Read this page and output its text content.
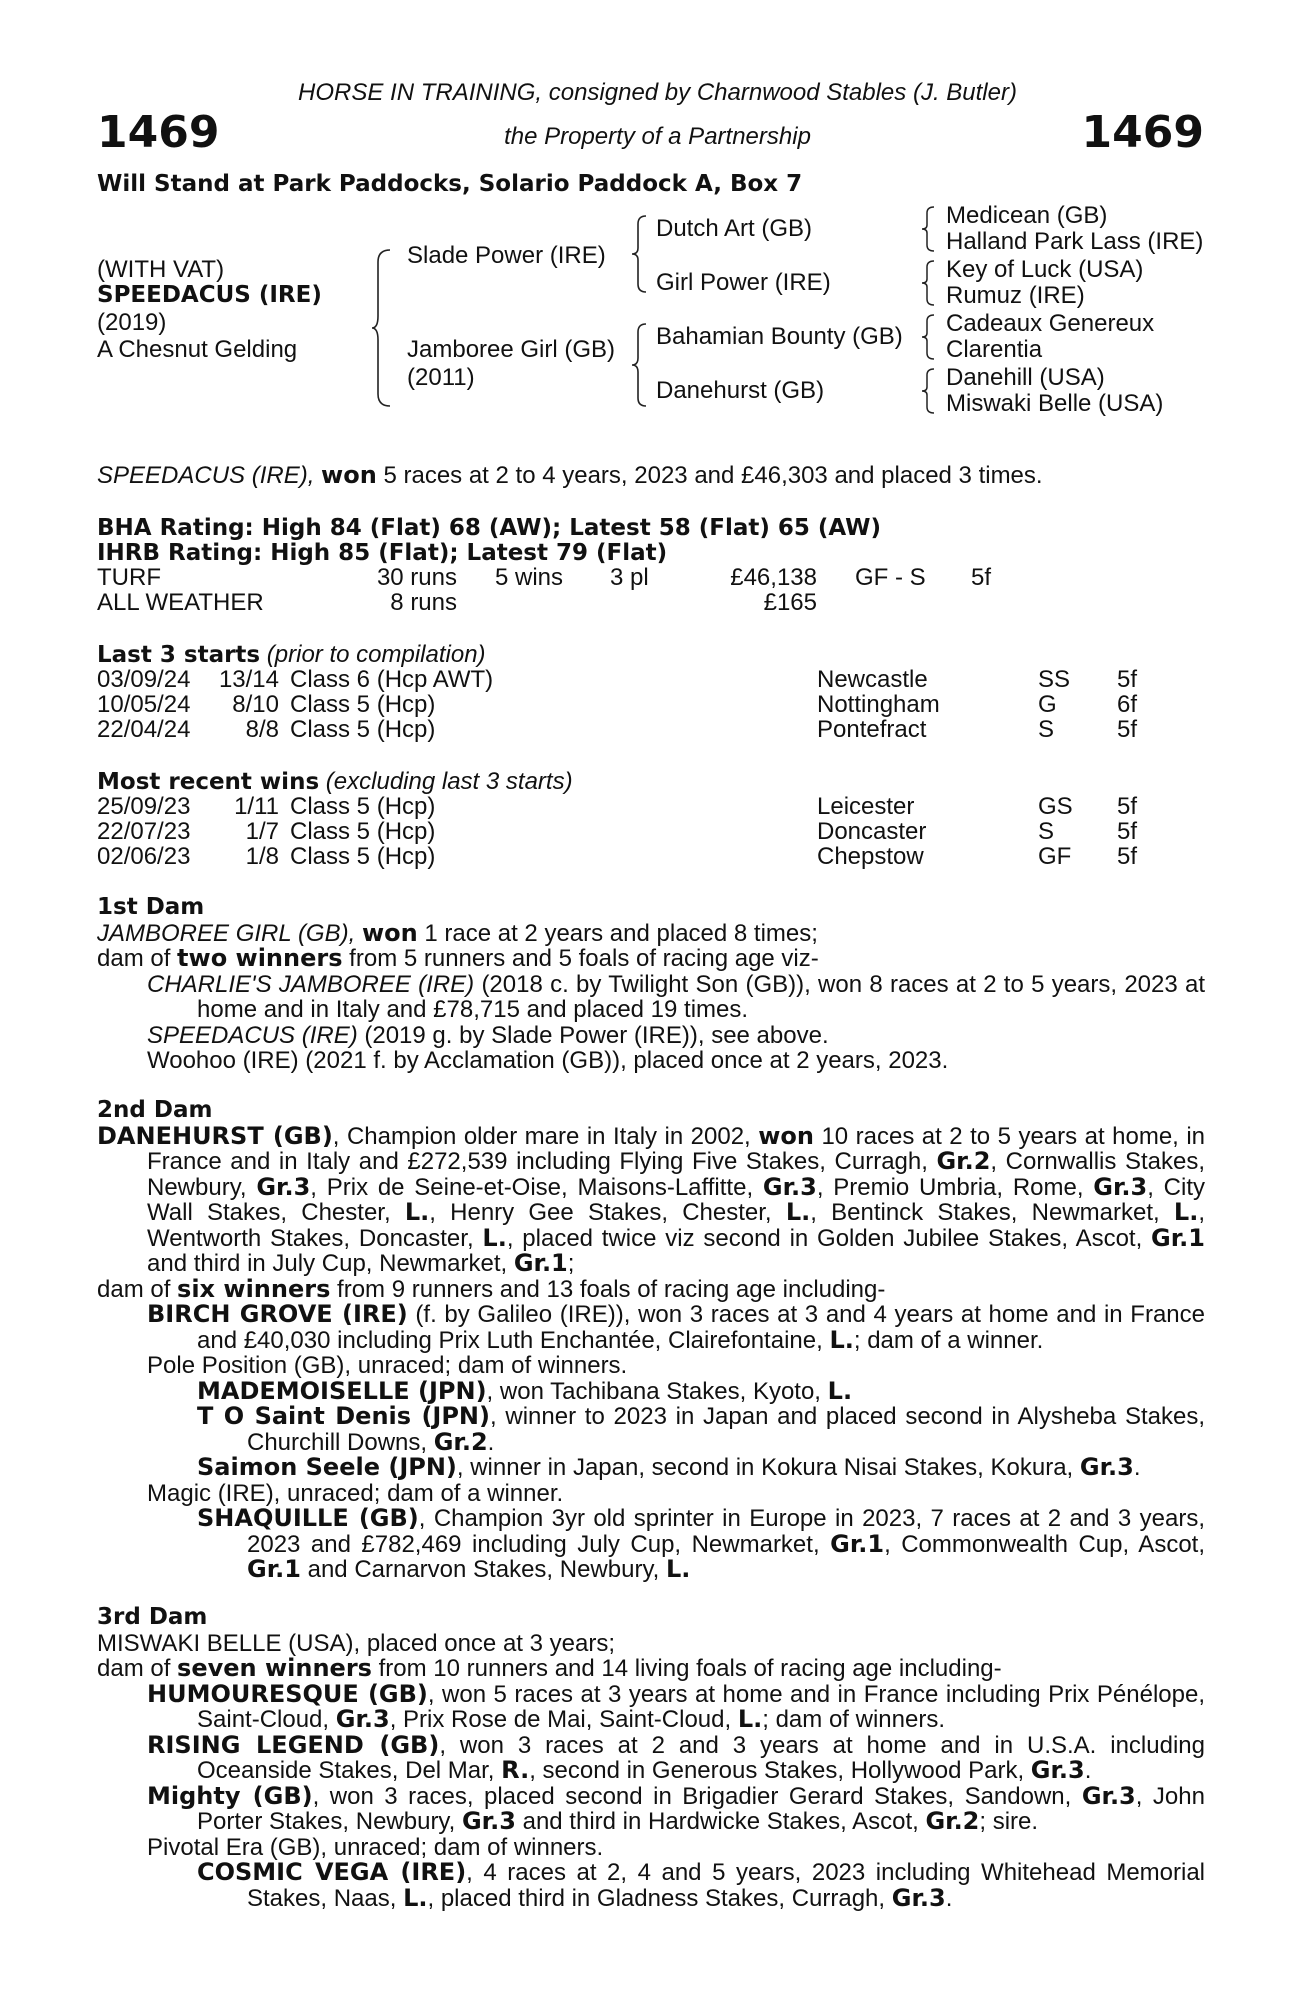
HORSE IN TRAINING, consigned by Charnwood Stables (J. Butler)
1469	the Property of a Partnership	1469
Will Stand at Park Paddocks, Solario Paddock A, Box 7
(WITH VAT)
SPEEDACUS (IRE)
(2019)
A Chesnut Gelding
Slade Power (IRE)
Jamboree Girl (GB)
(2011)
Dutch Art (GB)
Girl Power (IRE)
Bahamian Bounty (GB)
Danehurst (GB)
Medicean (GB)
Halland Park Lass (IRE)
Key of Luck (USA)
Rumuz (IRE)
Cadeaux Genereux
Clarentia
Danehill (USA)
Miswaki Belle (USA)
SPEEDACUS (IRE), won 5 races at 2 to 4 years, 2023 and £46,303 and placed 3 times.
BHA Rating: High 84 (Flat) 68 (AW); Latest 58 (Flat) 65 (AW)
IHRB Rating: High 85 (Flat); Latest 79 (Flat)
TURF	30 runs 5 wins 3 pl	£46,138 GF - S 5f
ALL WEATHER	8 runs	£165
Last 3 starts (prior to compilation)
03/09/24	13/14 Class 6 (Hcp AWT)	Newcastle	SS 5f
10/05/24	8/10 Class 5 (Hcp)	Nottingham	G	6f
22/04/24	8/8 Class 5 (Hcp)	Pontefract	S	5f
Most recent wins (excluding last 3 starts)
25/09/23	1/11 Class 5 (Hcp)	Leicester	GS 5f
22/07/23	1/7 Class 5 (Hcp)	Doncaster	S	5f
02/06/23	1/8 Class 5 (Hcp)	Chepstow	GF 5f
1st Dam
JAMBOREE GIRL (GB), won 1 race at 2 years and placed 8 times;
dam of two winners from 5 runners and 5 foals of racing age viz-
CHARLIE'S JAMBOREE (IRE) (2018 c. by Twilight Son (GB)), won 8 races at 2 to 5 years, 2023 at home and in Italy and £78,715 and placed 19 times.
SPEEDACUS (IRE) (2019 g. by Slade Power (IRE)), see above.
Woohoo (IRE) (2021 f. by Acclamation (GB)), placed once at 2 years, 2023.
2nd Dam
DANEHURST (GB), Champion older mare in Italy in 2002, won 10 races at 2 to 5 years at home, in France and in Italy and £272,539 including Flying Five Stakes, Curragh, Gr.2, Cornwallis Stakes, Newbury, Gr.3, Prix de Seine-et-Oise, Maisons-Laffitte, Gr.3, Premio Umbria, Rome, Gr.3, City Wall Stakes, Chester, L., Henry Gee Stakes, Chester, L., Bentinck Stakes, Newmarket, L., Wentworth Stakes, Doncaster, L., placed twice viz second in Golden Jubilee Stakes, Ascot, Gr.1 and third in July Cup, Newmarket, Gr.1;
dam of six winners from 9 runners and 13 foals of racing age including-
BIRCH GROVE (IRE) (f. by Galileo (IRE)), won 3 races at 3 and 4 years at home and in France and £40,030 including Prix Luth Enchantée, Clairefontaine, L.; dam of a winner.
Pole Position (GB), unraced; dam of winners.
MADEMOISELLE (JPN), won Tachibana Stakes, Kyoto, L.
T O Saint Denis (JPN), winner to 2023 in Japan and placed second in Alysheba Stakes, Churchill Downs, Gr.2.
Saimon Seele (JPN), winner in Japan, second in Kokura Nisai Stakes, Kokura, Gr.3.
Magic (IRE), unraced; dam of a winner.
SHAQUILLE (GB), Champion 3yr old sprinter in Europe in 2023, 7 races at 2 and 3 years, 2023 and £782,469 including July Cup, Newmarket, Gr.1, Commonwealth Cup, Ascot, Gr.1 and Carnarvon Stakes, Newbury, L.
3rd Dam
MISWAKI BELLE (USA), placed once at 3 years;
dam of seven winners from 10 runners and 14 living foals of racing age including-
HUMOURESQUE (GB), won 5 races at 3 years at home and in France including Prix Pénélope, Saint-Cloud, Gr.3, Prix Rose de Mai, Saint-Cloud, L.; dam of winners.
RISING LEGEND (GB), won 3 races at 2 and 3 years at home and in U.S.A. including Oceanside Stakes, Del Mar, R., second in Generous Stakes, Hollywood Park, Gr.3.
Mighty (GB), won 3 races, placed second in Brigadier Gerard Stakes, Sandown, Gr.3, John Porter Stakes, Newbury, Gr.3 and third in Hardwicke Stakes, Ascot, Gr.2; sire.
Pivotal Era (GB), unraced; dam of winners.
COSMIC VEGA (IRE), 4 races at 2, 4 and 5 years, 2023 including Whitehead Memorial Stakes, Naas, L., placed third in Gladness Stakes, Curragh, Gr.3.
